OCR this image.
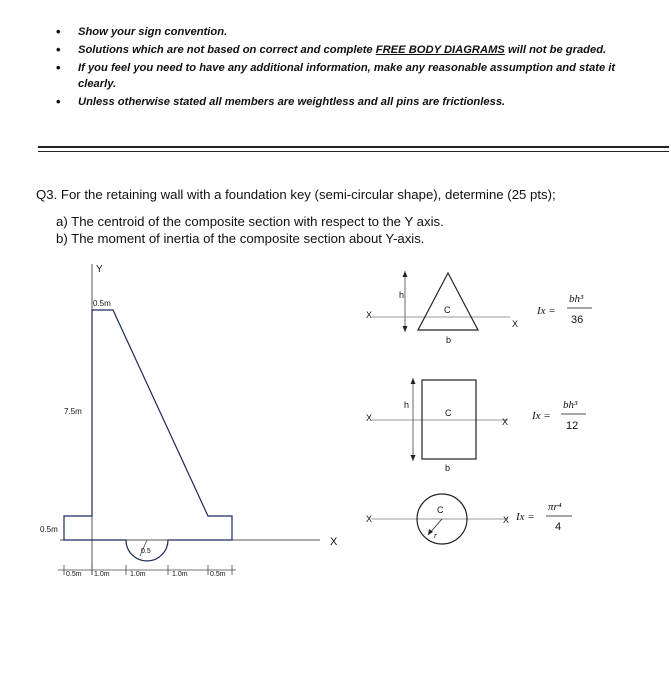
• Show your sign convention.
• Solutions which are not based on correct and complete FREE BODY DIAGRAMS will not be graded.
• If you feel you need to have any additional information, make any reasonable assumption and state it clearly.
• Unless otherwise stated all members are weightless and all pins are frictionless.
Q3. For the retaining wall with a foundation key (semi-circular shape), determine (25 pts);
a) The centroid of the composite section with respect to the Y axis.
b) The moment of inertia of the composite section about Y-axis.
Y
0.5m
7.5m
0.5m
0.5
X
0.5m 1.0m	1.0m	1.0m	0.5m
X
X
h
b
C	Ix =
bh³
36
X	X
h
b
C	Ix =
bh³
12
X	X
C
r
Ix =
πr⁴
4
